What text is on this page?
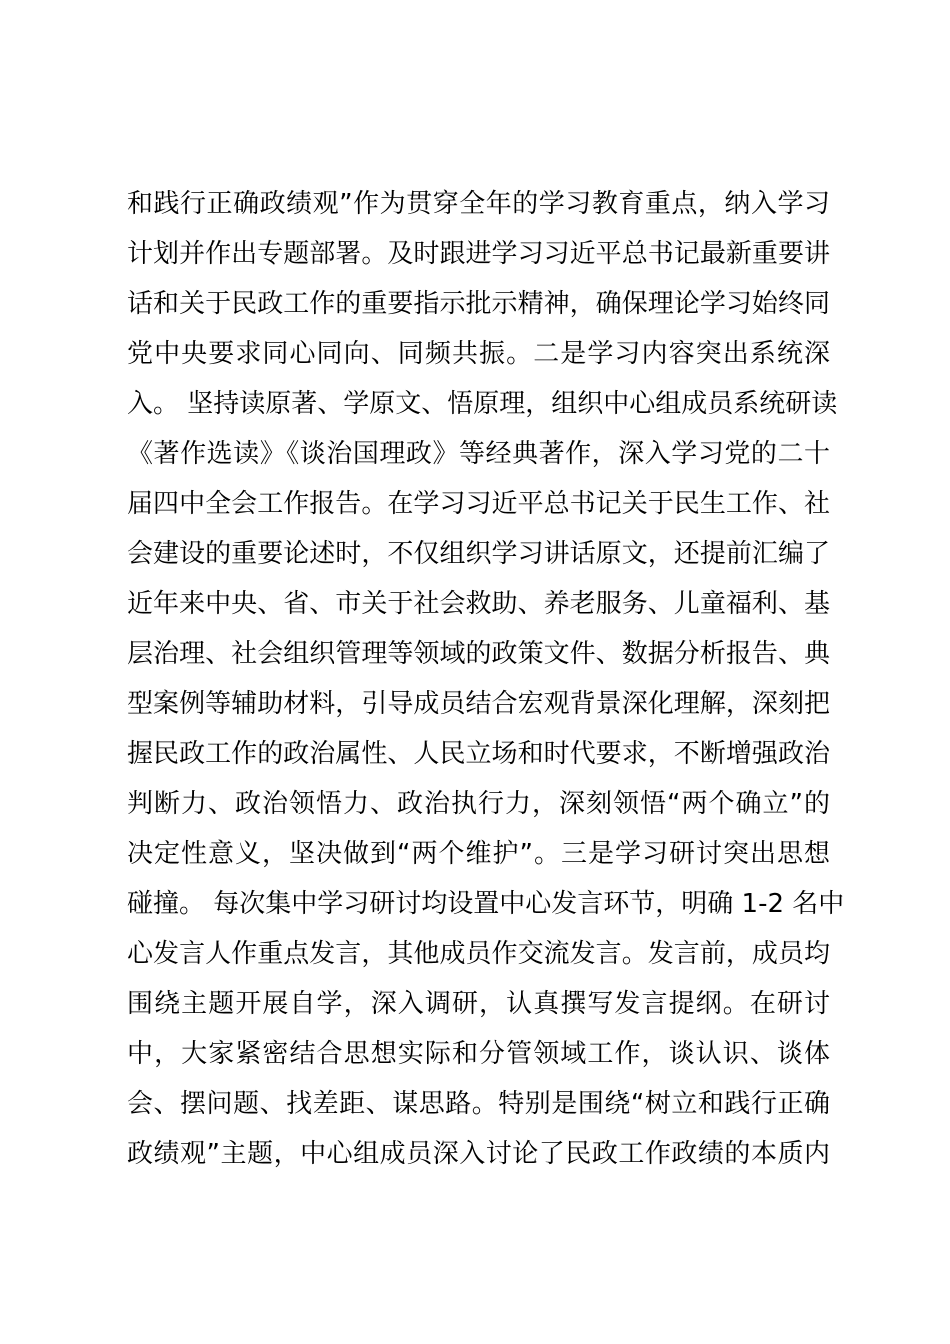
和践行正确政绩观”作为贯穿全年的学习教育重点，纳入学习
计划并作出专题部署。及时跟进学习习近平总书记最新重要讲
话和关于民政工作的重要指示批示精神，确保理论学习始终同
党中央要求同心同向、同频共振。二是学习内容突出系统深
入。 坚持读原著、学原文、悟原理，组织中心组成员系统研读
《著作选读》《谈治国理政》等经典著作，深入学习党的二十
届四中全会工作报告。在学习习近平总书记关于民生工作、社
会建设的重要论述时，不仅组织学习讲话原文，还提前汇编了
近年来中央、省、市关于社会救助、养老服务、儿童福利、基
层治理、社会组织管理等领域的政策文件、数据分析报告、典
型案例等辅助材料，引导成员结合宏观背景深化理解，深刻把
握民政工作的政治属性、人民立场和时代要求，不断增强政治
判断力、政治领悟力、政治执行力，深刻领悟“两个确立”的
决定性意义，坚决做到“两个维护”。三是学习研讨突出思想
碰撞。 每次集中学习研讨均设置中心发言环节，明确 1-2 名中
心发言人作重点发言，其他成员作交流发言。发言前，成员均
围绕主题开展自学，深入调研，认真撰写发言提纲。在研讨
中，大家紧密结合思想实际和分管领域工作，谈认识、谈体
会、摆问题、找差距、谋思路。特别是围绕“树立和践行正确
政绩观”主题，中心组成员深入讨论了民政工作政绩的本质内
